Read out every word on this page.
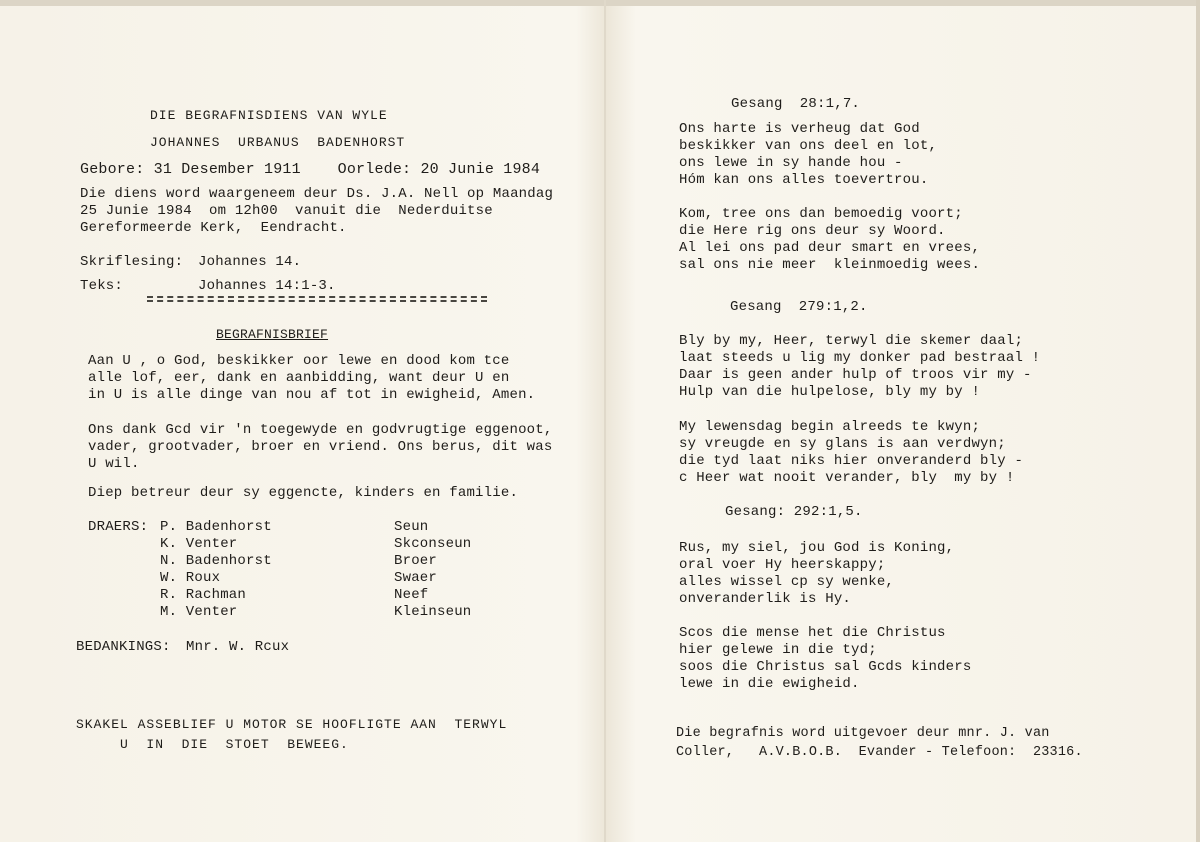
DIE BEGRAFNISDIENS VAN WYLE
JOHANNES  URBANUS  BADENHORST
Gebore: 31 Desember 1911    Oorlede: 20 Junie 1984
Die diens word waargeneem deur Ds. J.A. Nell op Maandag
25 Junie 1984  om 12h00  vanuit die  Nederduitse
Gereformeerde Kerk,  Eendracht.
Skriflesing: Johannes 14.
Teks:	Johannes 14:1-3.
BEGRAFNISBRIEF
Aan U , o God, beskikker oor lewe en dood kom tce
alle lof, eer, dank en aanbidding, want deur U en
in U is alle dinge van nou af tot in ewigheid, Amen.
Ons dank Gcd vir 'n toegewyde en godvrugtige eggenoot,
vader, grootvader, broer en vriend. Ons berus, dit was
U wil.
Diep betreur deur sy eggencte, kinders en familie.
DRAERS: P. Badenhorst	Seun
K. Venter	Skconseun
N. Badenhorst	Broer
W. Roux	Swaer
R. Rachman	Neef
M. Venter	Kleinseun
BEDANKINGS: Mnr. W. Rcux
SKAKEL ASSEBLIEF U MOTOR SE HOOFLIGTE AAN  TERWYL
U  IN  DIE  STOET  BEWEEG.
Gesang  28:1,7.
Ons harte is verheug dat God
beskikker van ons deel en lot,
ons lewe in sy hande hou -
Hóm kan ons alles toevertrou.
Kom, tree ons dan bemoedig voort;
die Here rig ons deur sy Woord.
Al lei ons pad deur smart en vrees,
sal ons nie meer  kleinmoedig wees.
Gesang  279:1,2.
Bly by my, Heer, terwyl die skemer daal;
laat steeds u lig my donker pad bestraal !
Daar is geen ander hulp of troos vir my -
Hulp van die hulpelose, bly my by !
My lewensdag begin alreeds te kwyn;
sy vreugde en sy glans is aan verdwyn;
die tyd laat niks hier onveranderd bly -
c Heer wat nooit verander, bly  my by !
Gesang: 292:1,5.
Rus, my siel, jou God is Koning,
oral voer Hy heerskappy;
alles wissel cp sy wenke,
onveranderlik is Hy.
Scos die mense het die Christus
hier gelewe in die tyd;
soos die Christus sal Gcds kinders
lewe in die ewigheid.
Die begrafnis word uitgevoer deur mnr. J. van
Coller,   A.V.B.O.B.  Evander - Telefoon:  23316.
